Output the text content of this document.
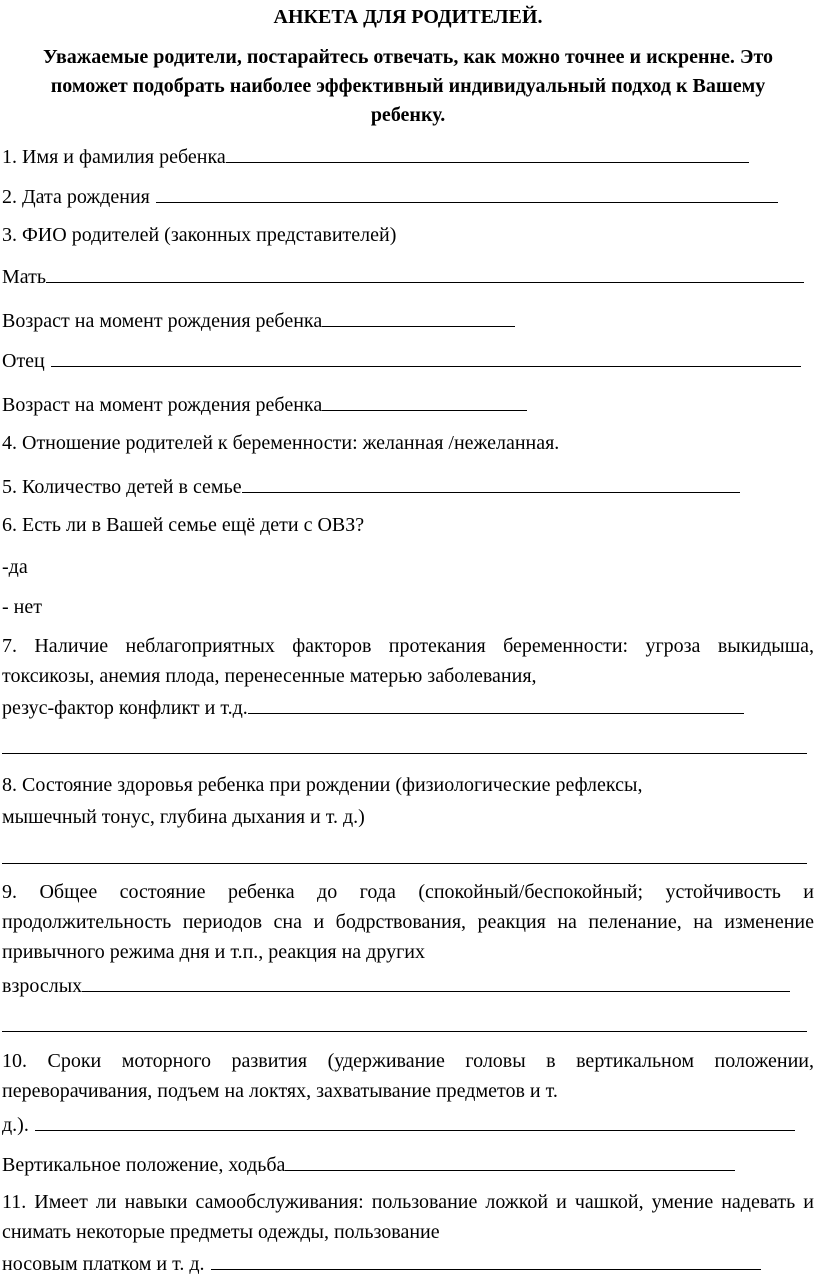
АНКЕТА ДЛЯ РОДИТЕЛЕЙ.
Уважаемые родители, постарайтесь отвечать, как можно точнее и искренне. Это поможет подобрать наиболее эффективный индивидуальный подход к Вашему ребенку.
1. Имя и фамилия ребенка
2. Дата рождения
3. ФИО родителей (законных представителей)
Мать
Возраст на момент рождения ребенка
Отец
Возраст на момент рождения ребенка
4. Отношение родителей к беременности: желанная /нежеланная.
5. Количество детей в семье
6. Есть ли в Вашей семье ещё дети с ОВЗ?
-да
- нет
7. Наличие неблагоприятных факторов протекания беременности: угроза выкидыша, токсикозы, анемия плода, перенесенные матерью заболевания,
резус-фактор конфликт и т.д.
8. Состояние здоровья ребенка при рождении (физиологические рефлексы,
мышечный тонус, глубина дыхания и т. д.)
9. Общее состояние ребенка до года (спокойный/беспокойный; устойчивость и продолжительность периодов сна и бодрствования, реакция на пеленание, на изменение привычного режима дня и т.п., реакция на других
взрослых
10. Сроки моторного развития (удерживание головы в вертикальном положении, переворачивания, подъем на локтях, захватывание предметов и т.
д.).
Вертикальное положение, ходьба
11. Имеет ли навыки самообслуживания: пользование ложкой и чашкой, умение надевать и снимать некоторые предметы одежды, пользование
носовым платком и т. д.
